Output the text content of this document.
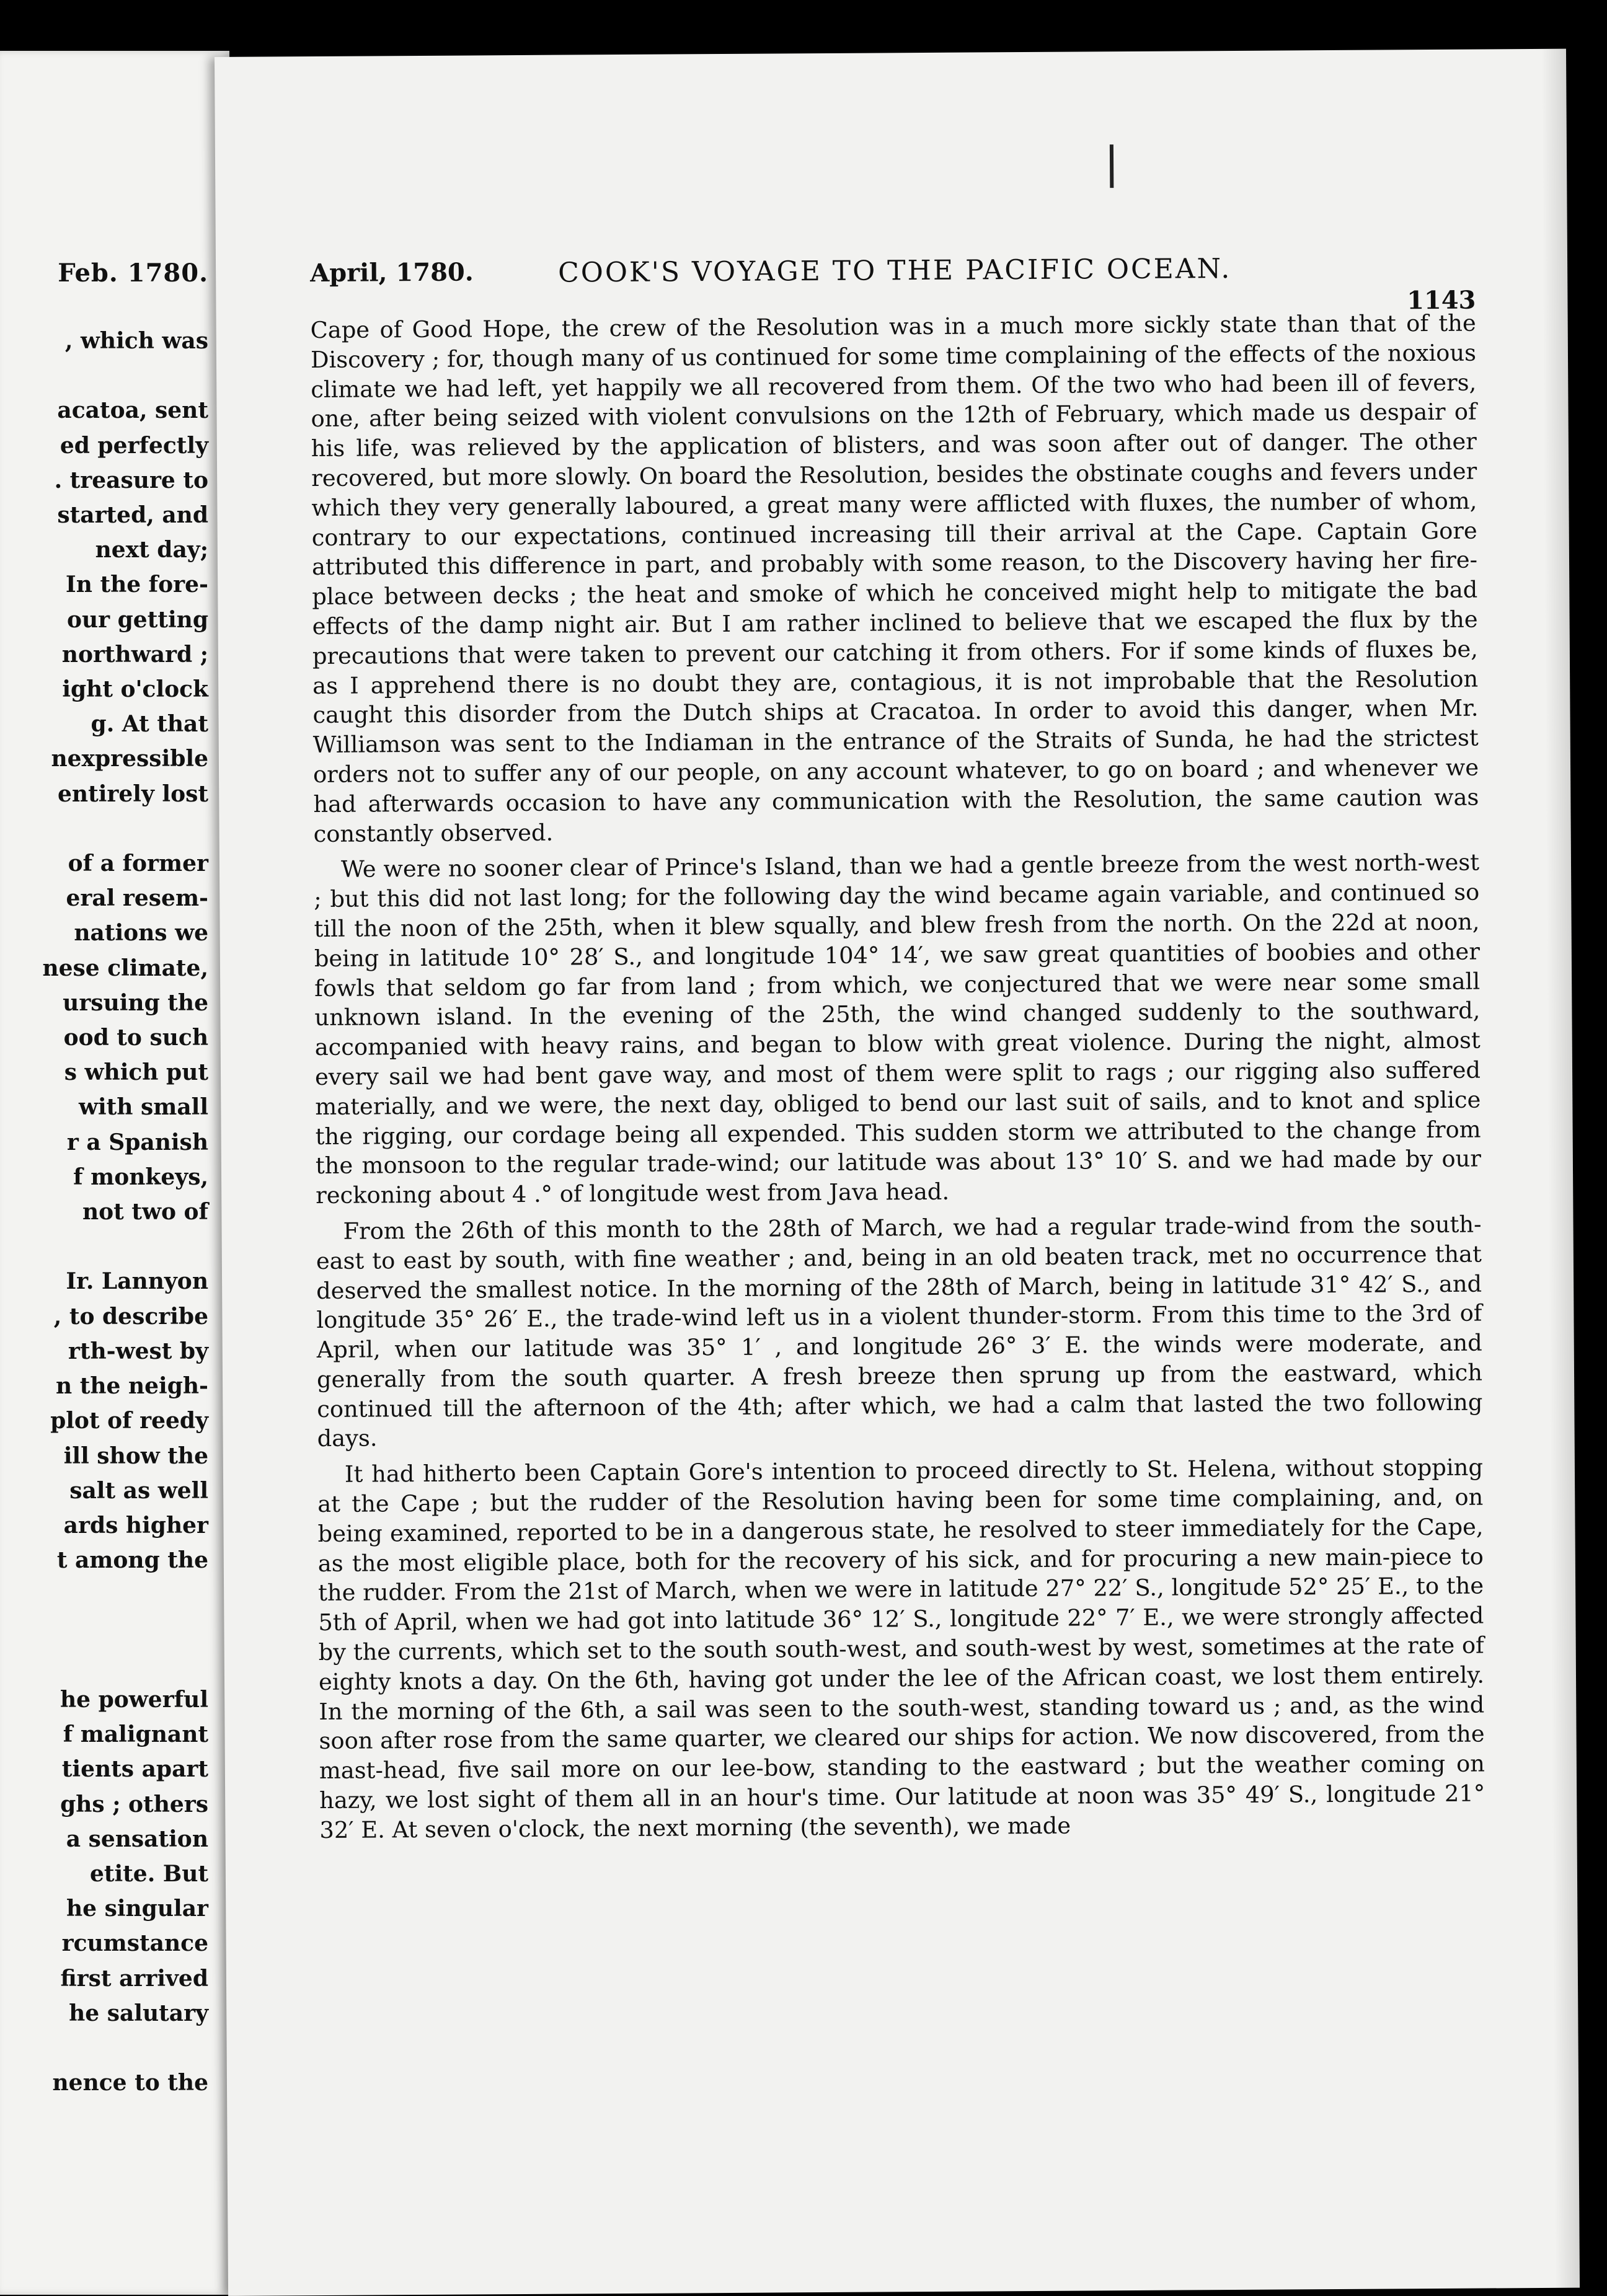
Feb. 1780.
, which was

acatoa, sent
ed perfectly
. treasure to
started, and
next day;
In the fore-
our getting
northward ;
ight o'clock
g. At that
nexpressible
entirely lost

of a former
eral resem-
nations we
nese climate,
ursuing the
ood to such
s which put
with small
r a Spanish
f monkeys,
not two of

Ir. Lannyon
, to describe
rth-west by
n the neigh-
plot of reedy
ill show the
salt as well
ards higher
t among the

he powerful
f malignant
tients apart
ghs ; others
a sensation
etite. But
he singular
rcumstance
first arrived
he salutary

nence to the
April, 1780.	COOK'S VOYAGE TO THE PACIFIC OCEAN.
1143

Cape of Good Hope, the crew of the Resolution was in a much more sickly state than that of the Discovery ; for, though many of us continued for some time complaining of the effects of the noxious climate we had left, yet happily we all recovered from them. Of the two who had been ill of fevers, one, after being seized with violent convulsions on the 12th of February, which made us despair of his life, was relieved by the application of blisters, and was soon after out of danger. The other recovered, but more slowly. On board the Resolution, besides the obstinate coughs and fevers under which they very generally laboured, a great many were afflicted with fluxes, the number of whom, contrary to our expectations, continued increasing till their arrival at the Cape. Captain Gore attributed this difference in part, and probably with some reason, to the Discovery having her fire-place between decks ; the heat and smoke of which he conceived might help to mitigate the bad effects of the damp night air. But I am rather inclined to believe that we escaped the flux by the precautions that were taken to prevent our catching it from others. For if some kinds of fluxes be, as I apprehend there is no doubt they are, contagious, it is not improbable that the Resolution caught this disorder from the Dutch ships at Cracatoa. In order to avoid this danger, when Mr. Williamson was sent to the Indiaman in the entrance of the Straits of Sunda, he had the strictest orders not to suffer any of our people, on any account whatever, to go on board ; and whenever we had afterwards occasion to have any communication with the Resolution, the same caution was constantly observed.

We were no sooner clear of Prince's Island, than we had a gentle breeze from the west north-west ; but this did not last long; for the following day the wind became again variable, and continued so till the noon of the 25th, when it blew squally, and blew fresh from the north. On the 22d at noon, being in latitude 10° 28′ S., and longitude 104° 14′, we saw great quantities of boobies and other fowls that seldom go far from land ; from which, we conjectured that we were near some small unknown island. In the evening of the 25th, the wind changed suddenly to the southward, accompanied with heavy rains, and began to blow with great violence. During the night, almost every sail we had bent gave way, and most of them were split to rags ; our rigging also suffered materially, and we were, the next day, obliged to bend our last suit of sails, and to knot and splice the rigging, our cordage being all expended. This sudden storm we attributed to the change from the monsoon to the regular trade-wind; our latitude was about 13° 10′ S. and we had made by our reckoning about 4 .° of longitude west from Java head.

From the 26th of this month to the 28th of March, we had a regular trade-wind from the south-east to east by south, with fine weather ; and, being in an old beaten track, met no occurrence that deserved the smallest notice. In the morning of the 28th of March, being in latitude 31° 42′ S., and longitude 35° 26′ E., the trade-wind left us in a violent thunder-storm. From this time to the 3rd of April, when our latitude was 35° 1′ , and longitude 26° 3′ E. the winds were moderate, and generally from the south quarter. A fresh breeze then sprung up from the eastward, which continued till the afternoon of the 4th; after which, we had a calm that lasted the two following days.

It had hitherto been Captain Gore's intention to proceed directly to St. Helena, without stopping at the Cape ; but the rudder of the Resolution having been for some time complaining, and, on being examined, reported to be in a dangerous state, he resolved to steer immediately for the Cape, as the most eligible place, both for the recovery of his sick, and for procuring a new main-piece to the rudder. From the 21st of March, when we were in latitude 27° 22′ S., longitude 52° 25′ E., to the 5th of April, when we had got into latitude 36° 12′ S., longitude 22° 7′ E., we were strongly affected by the currents, which set to the south south-west, and south-west by west, sometimes at the rate of eighty knots a day. On the 6th, having got under the lee of the African coast, we lost them entirely. In the morning of the 6th, a sail was seen to the south-west, standing toward us ; and, as the wind soon after rose from the same quarter, we cleared our ships for action. We now discovered, from the mast-head, five sail more on our lee-bow, standing to the eastward ; but the weather coming on hazy, we lost sight of them all in an hour's time. Our latitude at noon was 35° 49′ S., longitude 21° 32′ E. At seven o'clock, the next morning (the seventh), we made
